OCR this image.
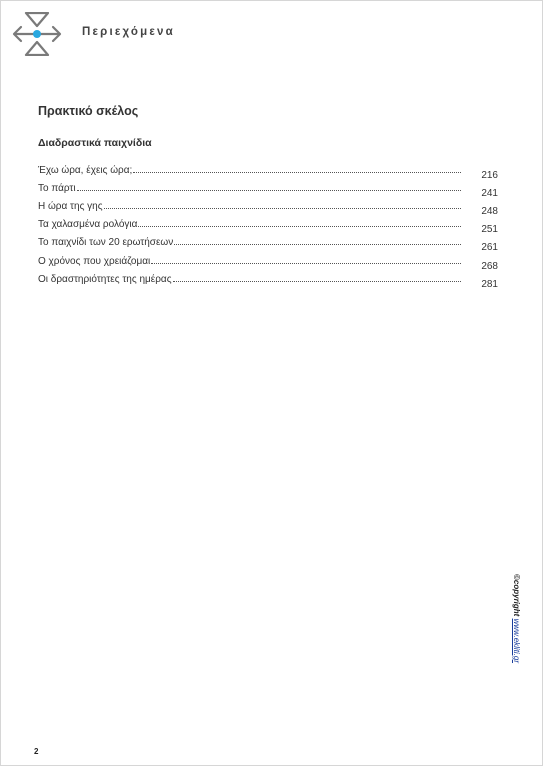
Περιεχόμενα
Πρακτικό σκέλος
Διαδραστικά παιχνίδια
Έχω ώρα, έχεις ώρα;	216
Το πάρτι	241
Η ώρα της γης	248
Τα χαλασμένα ρολόγια	251
Το παιχνίδι των 20 ερωτήσεων	261
Ο χρόνος που χρειάζομαι	268
Οι δραστηριότητες της ημέρας	281
©copyright www.ekliti.gr
2
